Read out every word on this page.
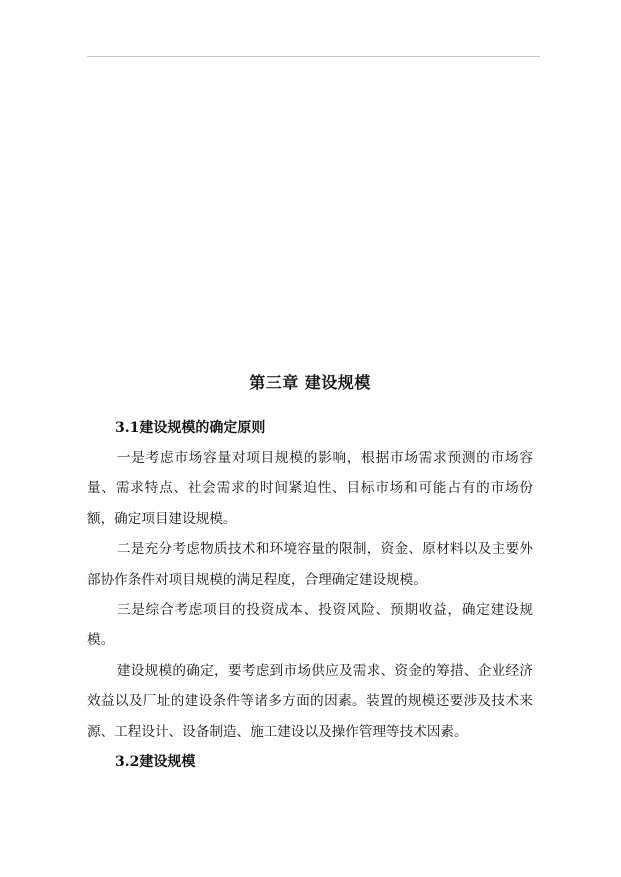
第三章 建设规模
3.1建设规模的确定原则

一是考虑市场容量对项目规模的影响，根据市场需求预测的市场容量、需求特点、社会需求的时间紧迫性、目标市场和可能占有的市场份额，确定项目建设规模。

二是充分考虑物质技术和环境容量的限制，资金、原材料以及主要外部协作条件对项目规模的满足程度，合理确定建设规模。

三是综合考虑项目的投资成本、投资风险、预期收益，确定建设规模。

建设规模的确定，要考虑到市场供应及需求、资金的筹措、企业经济效益以及厂址的建设条件等诸多方面的因素。装置的规模还要涉及技术来源、工程设计、设备制造、施工建设以及操作管理等技术因素。

3.2建设规模
